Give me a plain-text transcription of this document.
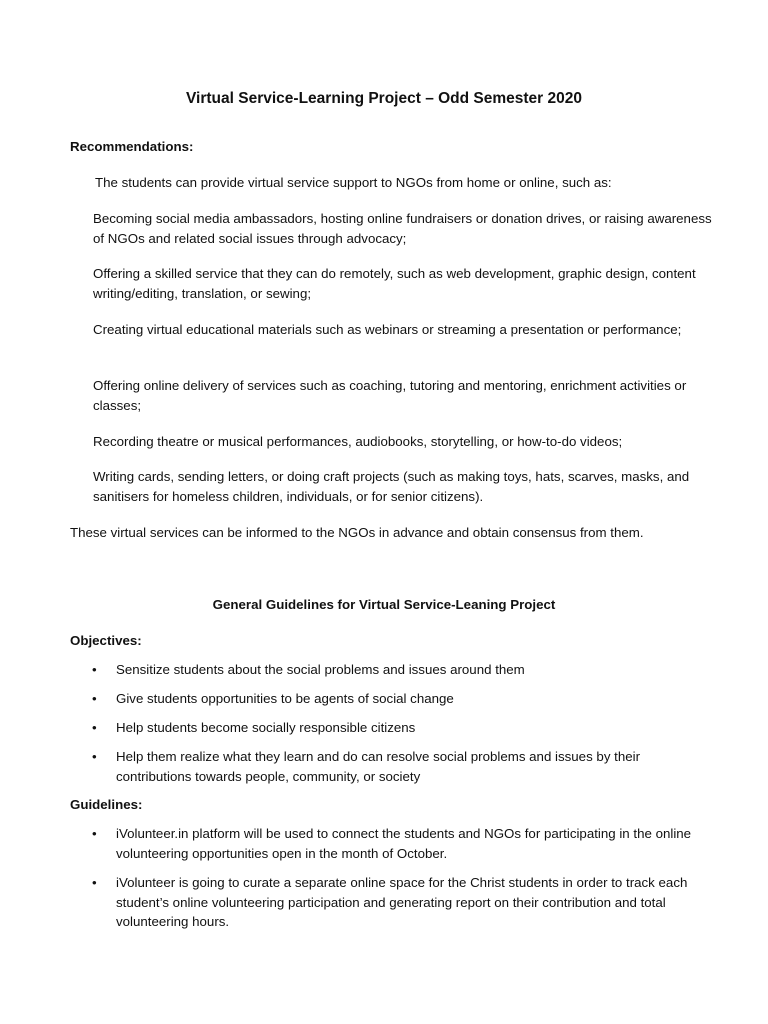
Virtual Service-Learning Project – Odd Semester 2020
Recommendations:

The students can provide virtual service support to NGOs from home or online, such as:

Becoming social media ambassadors, hosting online fundraisers or donation drives, or raising awareness of NGOs and related social issues through advocacy;

Offering a skilled service that they can do remotely, such as web development, graphic design, content writing/editing, translation, or sewing;

Creating virtual educational materials such as webinars or streaming a presentation or performance;

Offering online delivery of services such as coaching, tutoring and mentoring, enrichment activities or classes;

Recording theatre or musical performances, audiobooks, storytelling, or how-to-do videos;

Writing cards, sending letters, or doing craft projects (such as making toys, hats, scarves, masks, and sanitisers for homeless children, individuals, or for senior citizens).

These virtual services can be informed to the NGOs in advance and obtain consensus from them.

General Guidelines for Virtual Service-Leaning Project
Objectives:
•	Sensitize students about the social problems and issues around them

•	Give students opportunities to be agents of social change

•	Help students become socially responsible citizens

•	Help them realize what they learn and do can resolve social problems and issues by their contributions towards people, community, or society

Guidelines:
•	iVolunteer.in platform will be used to connect the students and NGOs for participating in the online volunteering opportunities open in the month of October.

•	iVolunteer is going to curate a separate online space for the Christ students in order to track each student’s online volunteering participation and generating report on their contribution and total volunteering hours.
